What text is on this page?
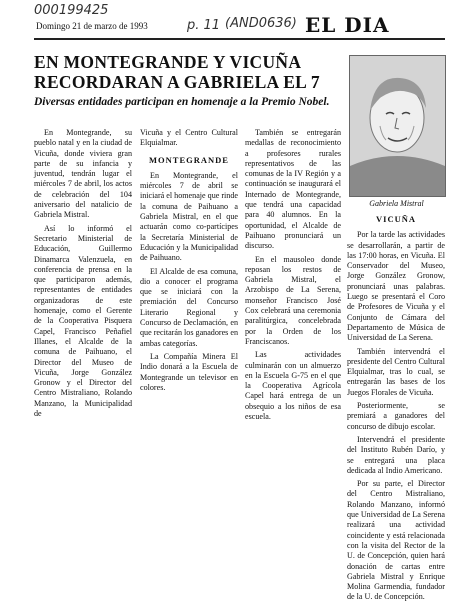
000199425
Domingo 21 de marzo de 1993	p. 11 (AND0636) EL DIA
EN MONTEGRANDE Y VICUÑA RECORDARAN A GABRIELA EL 7
Diversas entidades participan en homenaje a la Premio Nobel.

En Montegrande, su pueblo natal y en la ciudad de Vicuña, donde viviera gran parte de su infancia y juventud, tendrán lugar el miércoles 7 de abril, los actos de celebración del 104 aniversario del natalicio de Gabriela Mistral.

Así lo informó el Secretario Ministerial de Educación, Guillermo Dinamarca Valenzuela, en conferencia de prensa en la que participaron además, representantes de entidades organizadoras de este homenaje, como el Gerente de la Cooperativa Pisquera Capel, Francisco Peñafiel Illanes, el Alcalde de la comuna de Paihuano, el Director del Museo de Vicuña, Jorge González Gronow y el Director del Centro Mistraliano, Rolando Manzano, la Municipalidad de

Vicuña y el Centro Cultural Elquialmar.

MONTEGRANDE

En Montegrande, el miércoles 7 de abril se iniciará el homenaje que rinde la comuna de Paihuano a Gabriela Mistral, en el que actuarán como co-partícipes la Secretaría Ministerial de Educación y la Municipalidad de Paihuano.

El Alcalde de esa comuna, dio a conocer el programa que se iniciará con la premiación del Concurso Literario Regional y Concurso de Declamación, en que recitarán los ganadores en ambas categorías.

La Compañía Minera El Indio donará a la Escuela de Montegrande un televisor en colores.

También se entregarán medallas de reconocimiento a profesores rurales representativos de las comunas de la IV Región y a continuación se inaugurará el Internado de Montegrande, que tendrá una capacidad para 40 alumnos. En la oportunidad, el Alcalde de Paihuano pronunciará un discurso.

En el mausoleo donde reposan los restos de Gabriela Mistral, el Arzobispo de La Serena, monseñor Francisco José Cox celebrará una ceremonia paralitúrgica, concelebrada por la Orden de los Franciscanos.

Las actividades culminarán con un almuerzo en la Escuela G-75 en el que la Cooperativa Agrícola Capel hará entrega de un obsequio a los niños de esa escuela.

Gabriela Mistral
VICUÑA

Por la tarde las actividades se desarrollarán, a partir de las 17:00 horas, en Vicuña. El Conservador del Museo, Jorge González Gronow, pronunciará unas palabras. Luego se presentará el Coro de Profesores de Vicuña y el Conjunto de Cámara del Departamento de Música de Universidad de La Serena.

También intervendrá el presidente del Centro Cultural Elquialmar, tras lo cual, se entregarán las bases de los Juegos Florales de Vicuña.

Posteriormente, se premiará a ganadores del concurso de dibujo escolar.

Intervendrá el presidente del Instituto Rubén Darío, y se entregará una placa dedicada al Indio Americano.

Por su parte, el Director del Centro Mistraliano, Rolando Manzano, informó que Universidad de La Serena realizará una actividad coincidente y está relacionada con la visita del Rector de la U. de Concepción, quien hará donación de cartas entre Gabriela Mistral y Enrique Molina Garmendia, fundador de la U. de Concepción.
